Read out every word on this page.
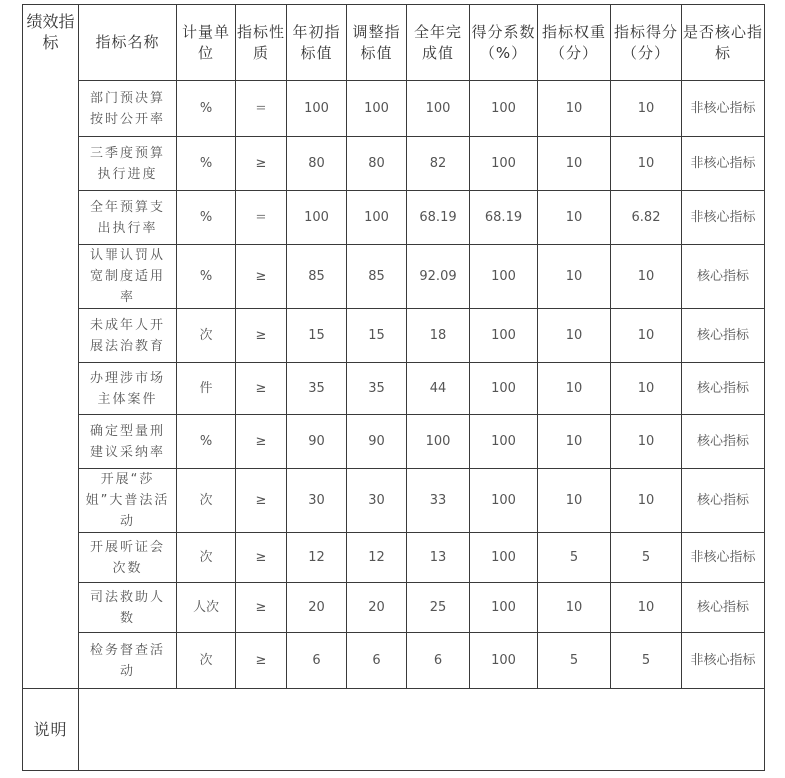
绩效指标	指标名称	计量单位	指标性质	年初指标值	调整指标值	全年完成值	得分系数（%）	指标权重（分）	指标得分（分）	是否核心指标
	部门预决算按时公开率	%	=	100	100	100	100	10	10	非核心指标
	三季度预算执行进度	%	≥	80	80	82	100	10	10	非核心指标
	全年预算支出执行率	%	=	100	100	68.19	68.19	10	6.82	非核心指标
	认罪认罚从宽制度适用率	%	≥	85	85	92.09	100	10	10	核心指标
	未成年人开展法治教育	次	≥	15	15	18	100	10	10	核心指标
	办理涉市场主体案件	件	≥	35	35	44	100	10	10	核心指标
	确定型量刑建议采纳率	%	≥	90	90	100	100	10	10	核心指标
	开展“莎姐”大普法活动	次	≥	30	30	33	100	10	10	核心指标
	开展听证会次数	次	≥	12	12	13	100	5	5	非核心指标
	司法救助人数	人次	≥	20	20	25	100	10	10	核心指标
	检务督查活动	次	≥	6	6	6	100	5	5	非核心指标
说明										
